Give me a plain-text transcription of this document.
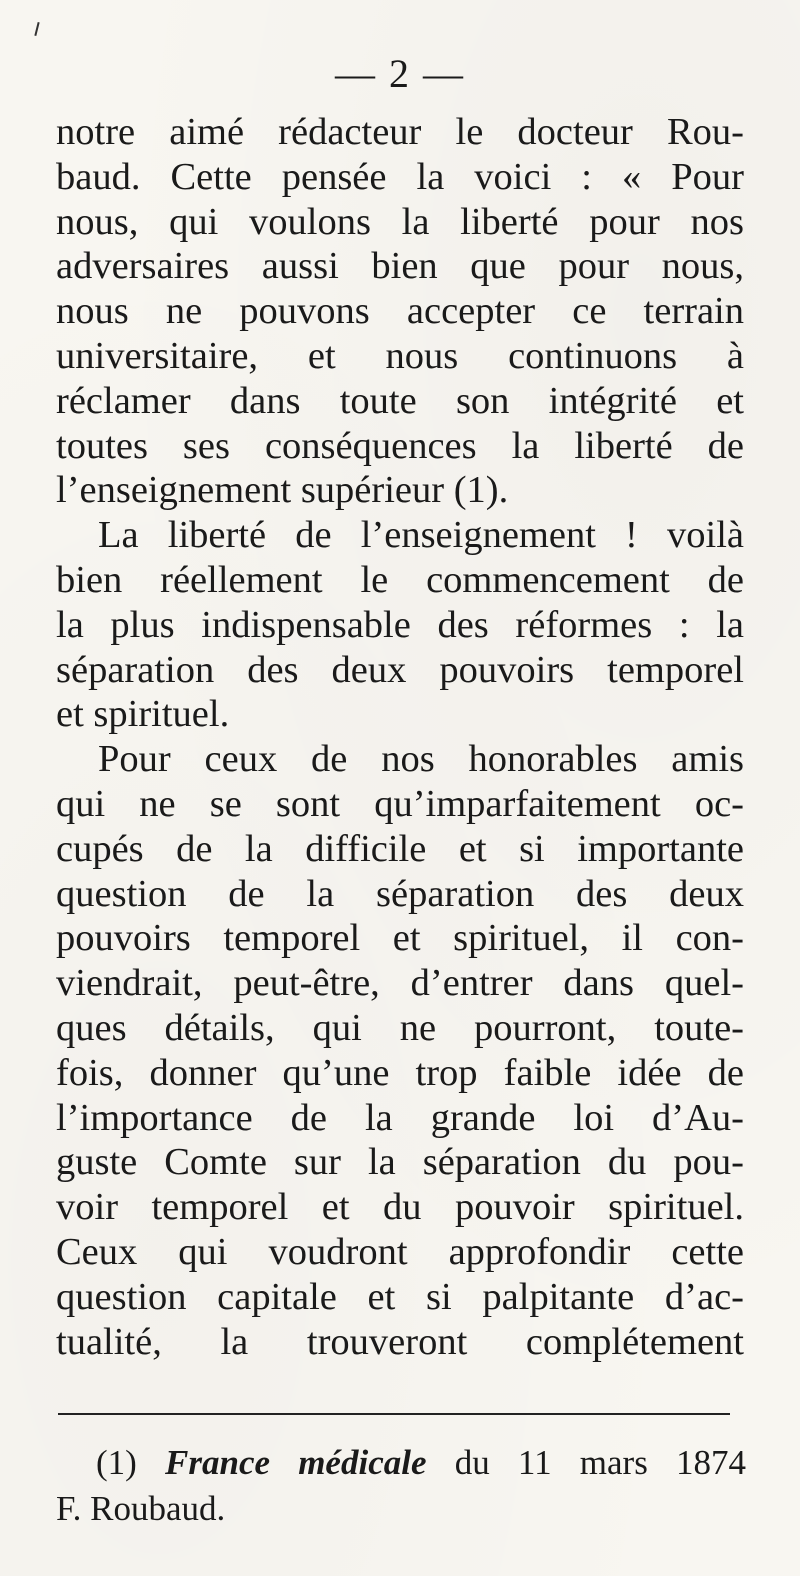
— 2 —
notre aimé rédacteur le docteur Rou-
baud. Cette pensée la voici : « Pour
nous, qui voulons la liberté pour nos
adversaires aussi bien que pour nous,
nous ne pouvons accepter ce terrain
universitaire, et nous continuons à
réclamer dans toute son intégrité et
toutes ses conséquences la liberté de
l’enseignement supérieur (1).
La liberté de l’enseignement ! voilà
bien réellement le commencement de
la plus indispensable des réformes : la
séparation des deux pouvoirs temporel
et spirituel.
Pour ceux de nos honorables amis
qui ne se sont qu’imparfaitement oc-
cupés de la difficile et si importante
question de la séparation des deux
pouvoirs temporel et spirituel, il con-
viendrait, peut-être, d’entrer dans quel-
ques détails, qui ne pourront, toute-
fois, donner qu’une trop faible idée de
l’importance de la grande loi d’Au-
guste Comte sur la séparation du pou-
voir temporel et du pouvoir spirituel.
Ceux qui voudront approfondir cette
question capitale et si palpitante d’ac-
tualité, la trouveront complétement
(1) France médicale du 11 mars 1874
F. Roubaud.
